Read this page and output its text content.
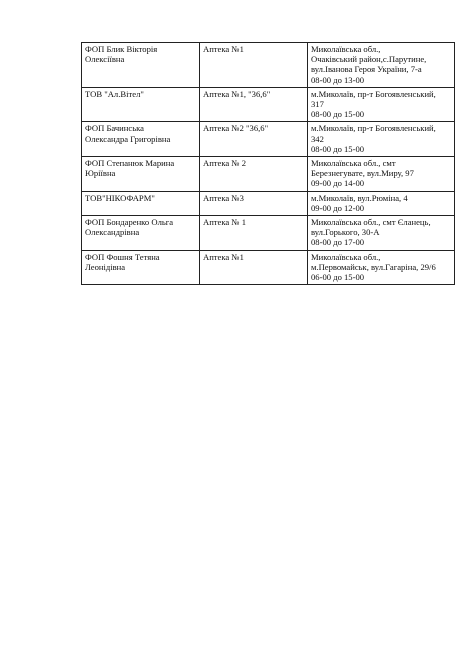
ФОП Блик Вікторія
Олексіївна	Аптека №1	Миколаївська обл.,
Очаківський район,с.Парутине,
вул.Іванова Героя України, 7-а
08-00 до 13-00

ТОВ "Ал.Вітел"	Аптека №1, "36,6"	м.Миколаїв, пр-т Богоявленський,
317
08-00 до 15-00

ФОП Бачинська
Олександра Григорівна	Аптека №2 "36,6"	м.Миколаїв, пр-т Богоявленський,
342
08-00 до 15-00

ФОП Степанюк Марина
Юріївна	Аптека № 2	Миколаївська обл., смт
Березнегувате, вул.Миру, 97
09-00 до 14-00

ТОВ"НІКОФАРМ"	Аптека №3	м.Миколаїв, вул.Рюміна, 4
09-00 до 12-00

ФОП Бондаренко Ольга
Олександрівна	Аптека № 1	Миколаївська обл., смт Єланець,
вул.Горького, 30-А
08-00 до 17-00

ФОП Фошня Тетяна
Леонідівна	Аптека №1	Миколаївська обл.,
м.Первомайськ, вул.Гагаріна, 29/6
06-00 до 15-00
